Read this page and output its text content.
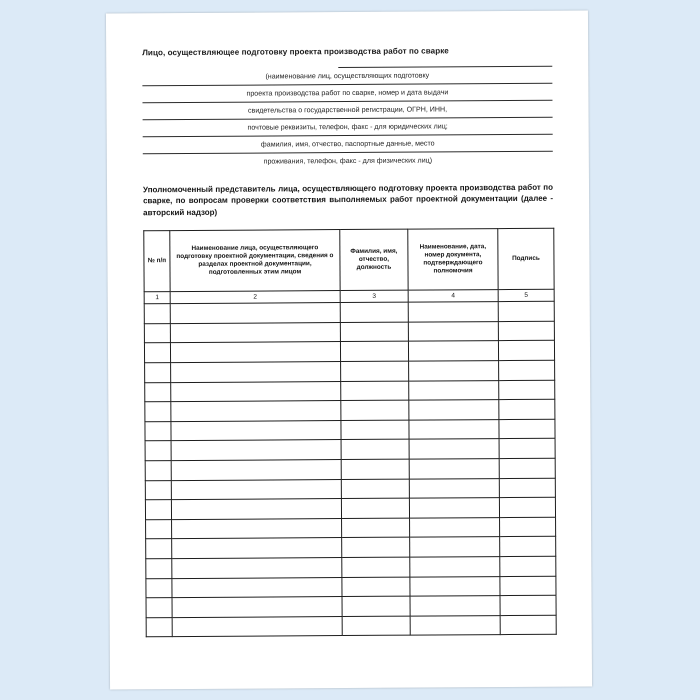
Лицо, осуществляющее подготовку проекта производства работ по сварке
(наименование лиц, осуществляющих подготовку
проекта производства работ по сварке, номер и дата выдачи
свидетельства о государственной регистрации, ОГРН, ИНН,
почтовые реквизиты, телефон, факс - для юридических лиц;
фамилия, имя, отчество, паспортные данные, место
проживания, телефон, факс - для физических лиц)
Уполномоченный представитель лица, осуществляющего подготовку проекта производства работ по сварке, по вопросам проверки соответствия выполняемых работ проектной документации (далее - авторский надзор)
№ п/п	Наименование лица, осуществляющего подготовку проектной документации, сведения о разделах проектной документации, подготовленных этим лицом	Фамилия, имя, отчество, должность	Наименование, дата, номер документа, подтверждающего полномочия	Подпись
1	2	3	4	5
